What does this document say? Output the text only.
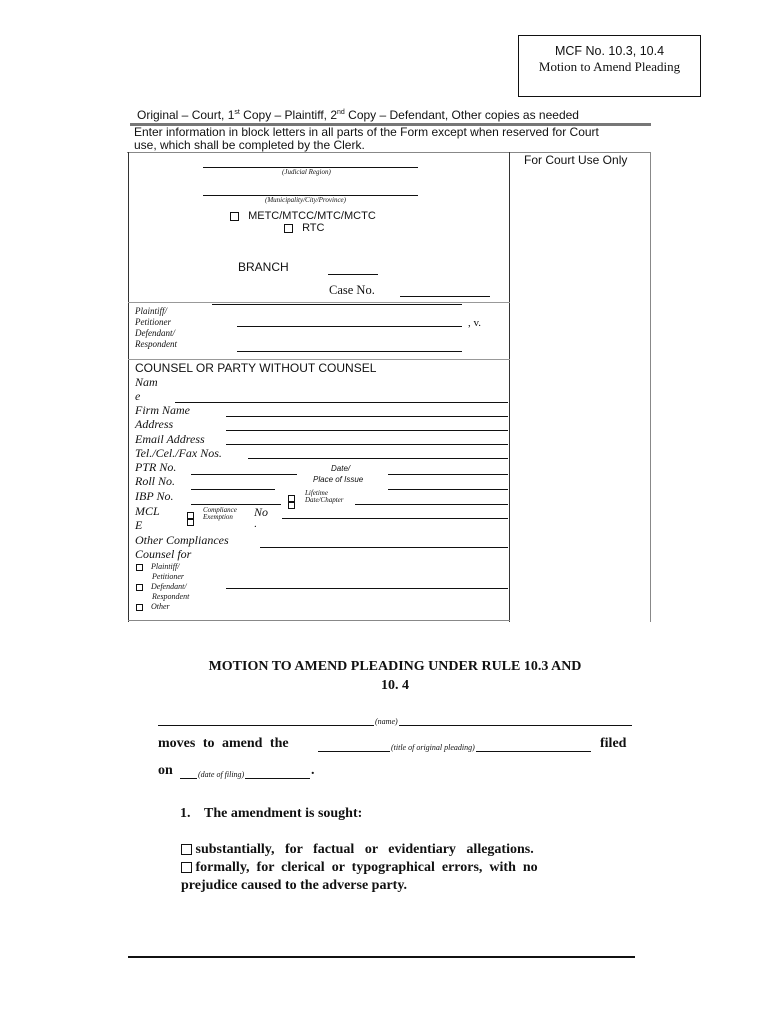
MCF No. 10.3, 10.4
Motion to Amend Pleading
Original – Court, 1st Copy – Plaintiff, 2nd Copy – Defendant, Other copies as needed
Enter information in block letters in all parts of the Form except when reserved for Court
use, which shall be completed by the Clerk.
For Court Use Only
(Judicial Region)
(Municipality/City/Province)
METC/MTCC/MTC/MCTC
RTC
BRANCH
Case No.
Plaintiff/
Petitioner
Defendant/
Respondent
, v.
COUNSEL OR PARTY WITHOUT COUNSEL
Nam
e
Firm Name
Address
Email Address
Tel./Cel./Fax Nos.
PTR No.	Date/
Place of Issue
Roll No.
IBP No.	Lifetime
Date/Chapter
MCL
E
Compliance
Exemption No
.
Other Compliances
Counsel for
Plaintiff/
Petitioner
Defendant/
Respondent
Other
MOTION TO AMEND PLEADING UNDER RULE 10.3 AND
10. 4
(name)
moves to amend the	(title of original pleading)	filed
on	(date of filing)	.
1. The amendment is sought:
substantially,   for   factual   or   evidentiary   allegations.
formally,  for  clerical  or  typographical  errors,  with  no
prejudice caused to the adverse party.
